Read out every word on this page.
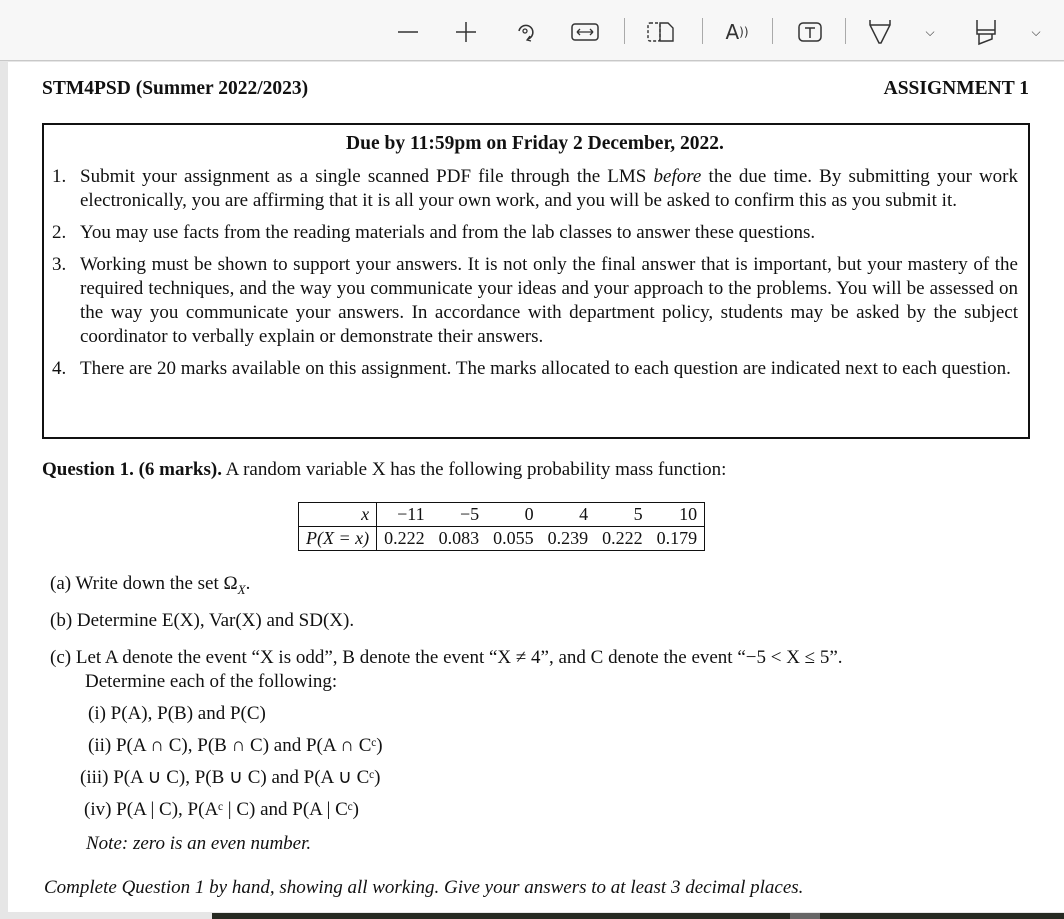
A ))	⌵	⌵
STM4PSD (Summer 2022/2023)	ASSIGNMENT 1
Due by 11:59pm on Friday 2 December, 2022.
1. Submit your assignment as a single scanned PDF file through the LMS before the due time. By submitting your work electronically, you are affirming that it is all your own work, and you will be asked to confirm this as you submit it.
2. You may use facts from the reading materials and from the lab classes to answer these questions.
3. Working must be shown to support your answers. It is not only the final answer that is important, but your mastery of the required techniques, and the way you communicate your ideas and your approach to the problems. You will be assessed on the way you communicate your answers. In accordance with department policy, students may be asked by the subject coordinator to verbally explain or demonstrate their answers.
4. There are 20 marks available on this assignment. The marks allocated to each question are indicated next to each question.
Question 1. (6 marks). A random variable X has the following probability mass function:
x	−11	−5	0	4	5	10
P(X = x)	0.222	0.083	0.055	0.239	0.222	0.179
(a) Write down the set $\Omega_X$.
(b) Determine E(X), Var(X) and SD(X).
(c) Let A denote the event “X is odd”, B denote the event “X ≠ 4”, and C denote the event “−5 < X ≤ 5”.
Determine each of the following:
(i) P(A), P(B) and P(C)
(ii) P(A ∩ C), P(B ∩ C) and P(A ∩ Cᶜ)
(iii) P(A ∪ C), P(B ∪ C) and P(A ∪ Cᶜ)
(iv) P(A | C), P(Aᶜ | C) and P(A | Cᶜ)
Note: zero is an even number.
Complete Question 1 by hand, showing all working. Give your answers to at least 3 decimal places.
